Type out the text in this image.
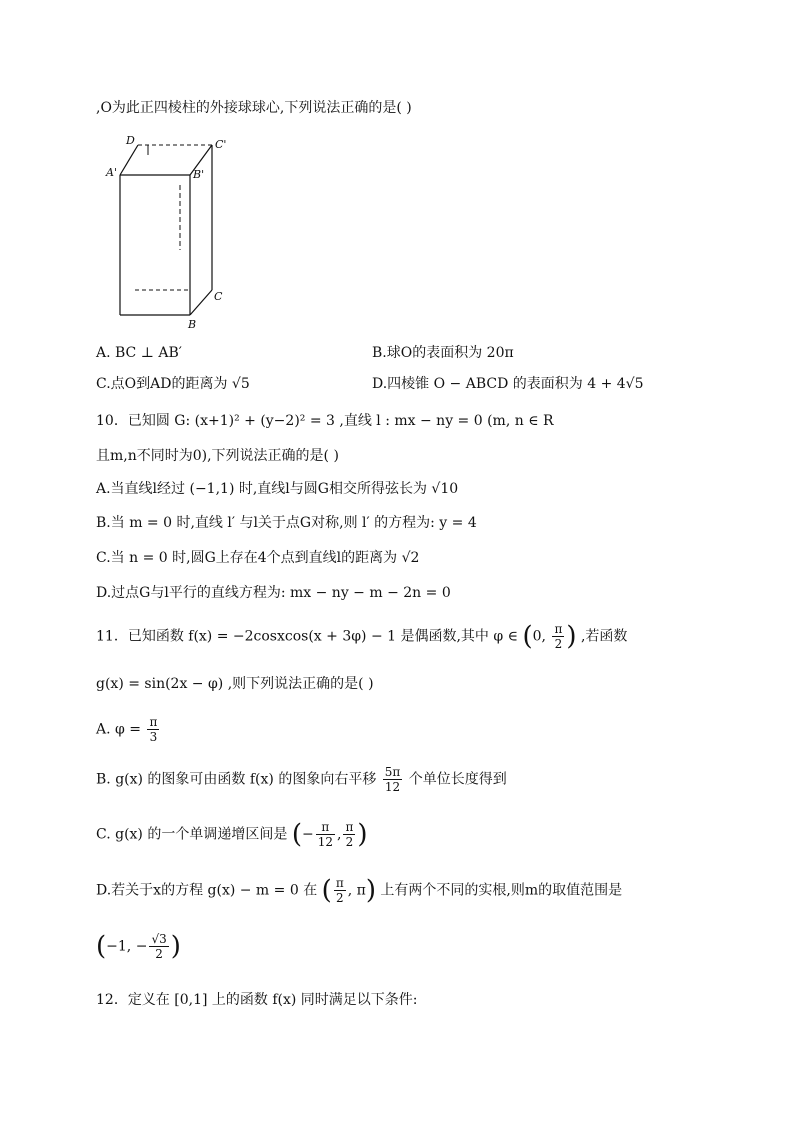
,O为此正四棱柱的外接球球心,下列说法正确的是( )
D	C'
A'	B'
C
B
A. BC ⊥ AB′	B.球O的表面积为 20π
C.点O到AD的距离为 √5	D.四棱锥 O − ABCD 的表面积为 4 + 4√5
10．已知圆 G: (x+1)² + (y−2)² = 3 ,直线 l : mx − ny = 0 (m, n ∈ R
且m,n不同时为0),下列说法正确的是( )
A.当直线l经过 (−1,1) 时,直线l与圆G相交所得弦长为 √10
B.当 m = 0 时,直线 l′ 与l关于点G对称,则 l′ 的方程为: y = 4
C.当 n = 0 时,圆G上存在4个点到直线l的距离为 √2
D.过点G与l平行的直线方程为: mx − ny − m − 2n = 0
11．已知函数 f(x) = −2cosxcos(x + 3φ) − 1 是偶函数,其中 φ ∈ (0, $\frac{\pi}{2}$ ) ,若函数
g(x) = sin(2x − φ) ,则下列说法正确的是( )
A. $\varphi = \frac{\pi}{3}$
B. g(x) 的图象可由函数 f(x) 的图象向右平移 $\frac{5\pi}{12}$ 个单位长度得到
C. g(x) 的一个单调递增区间是 (− $\frac{\pi}{12}$ , $\frac{\pi}{2}$ )
D.若关于x的方程 g(x) − m = 0 在 ( $\frac{\pi}{2}$ , π) 上有两个不同的实根,则m的取值范围是
(−1, − $\frac{√3}{2}$ )
12．定义在 [0,1] 上的函数 f(x) 同时满足以下条件:
